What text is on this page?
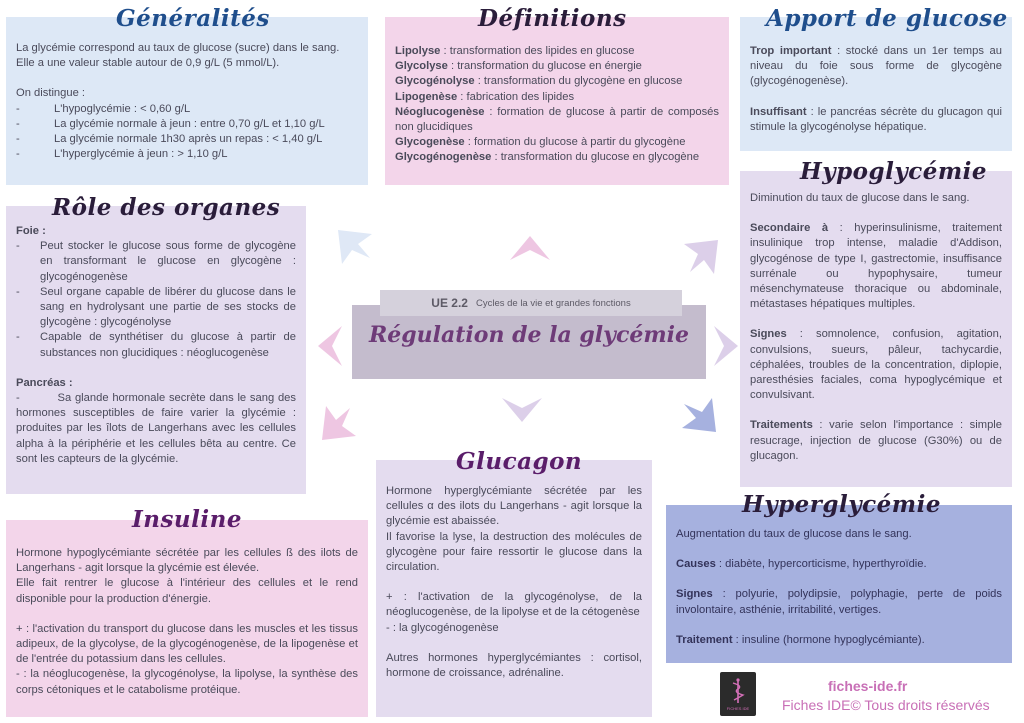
Généralités

La glycémie correspond au taux de glucose (sucre) dans le sang. Elle a une valeur stable autour de 0,9 g/L (5 mmol/L).

On distingue :

- L'hypoglycémie : < 0,60 g/L
- La glycémie normale à jeun : entre 0,70 g/L et 1,10 g/L
- La glycémie normale 1h30 après un repas : < 1,40 g/L
- L'hyperglycémie à jeun : > 1,10 g/L
Définitions

Lipolyse : transformation des lipides en glucose

Glycolyse : transformation du glucose en énergie

Glycogénolyse : transformation du glycogène en glucose

Lipogenèse : fabrication des lipides

Néoglucogenèse : formation de glucose à partir de composés non glucidiques

Glycogenèse : formation du glucose à partir du glycogène

Glycogénogenèse : transformation du glucose en glycogène

Apport de glucose

Trop important : stocké dans un 1er temps au niveau du foie sous forme de glycogène (glycogénogenèse).

Insuffisant : le pancréas sécrète du glucagon qui stimule la glycogénolyse hépatique.

Rôle des organes

Foie :

- Peut stocker le glucose sous forme de glycogène en transformant le glucose en glycogène : glycogénogenèse
- Seul organe capable de libérer du glucose dans le sang en hydrolysant une partie de ses stocks de glycogène : glycogénolyse
- Capable de synthétiser du glucose à partir de substances non glucidiques : néoglucogenèse

Pancréas :

-          Sa glande hormonale secrète dans le sang des hormones susceptibles de faire varier la glycémie : produites par les îlots de Langerhans avec les cellules alpha à la périphérie et les cellules bêta au centre. Ce sont les capteurs de la glycémie.

UE 2.2 Cycles de la vie et grandes fonctions
Régulation de la glycémie
Hypoglycémie

Diminution du taux de glucose dans le sang.

Secondaire à : hyperinsulinisme, traitement insulinique trop intense, maladie d'Addison, glycogénose de type I, gastrectomie, insuffisance surrénale ou hypophysaire, tumeur mésenchymateuse thoracique ou abdominale, métastases hépatiques multiples.

Signes : somnolence, confusion, agitation, convulsions, sueurs, pâleur, tachycardie, céphalées, troubles de la concentration, diplopie, paresthésies faciales, coma hypoglycémique et convulsivant.

Traitements : varie selon l'importance : simple resucrage, injection de glucose (G30%) ou de glucagon.

Insuline

Hormone hypoglycémiante sécrétée par les cellules ß des ilots de Langerhans - agit lorsque la glycémie est élevée.

Elle fait rentrer le glucose à l'intérieur des cellules et le rend disponible pour la production d'énergie.

+ : l'activation du transport du glucose dans les muscles et les tissus adipeux, de la glycolyse, de la glycogénogenèse, de la lipogenèse et de l'entrée du potassium dans les cellules.

- : la néoglucogenèse, la glycogénolyse, la lipolyse, la synthèse des corps cétoniques et le catabolisme protéique.

Glucagon

Hormone hyperglycémiante sécrétée par les cellules α des ilots du Langerhans - agit lorsque la glycémie est abaissée.

Il favorise la lyse, la destruction des molécules de glycogène pour faire ressortir le glucose dans la circulation.

+ : l'activation de la glycogénolyse, de la néoglucogenèse, de la lipolyse et de la cétogenèse

- : la glycogénogenèse

Autres hormones hyperglycémiantes : cortisol, hormone de croissance, adrénaline.

Hyperglycémie

Augmentation du taux de glucose dans le sang.

Causes : diabète, hypercorticisme, hyperthyroïdie.

Signes : polyurie, polydipsie, polyphagie, perte de poids involontaire, asthénie, irritabilité, vertiges.

Traitement : insuline (hormone hypoglycémiante).

FICHES IDE
fiches-ide.fr
Fiches IDE© Tous droits réservés
